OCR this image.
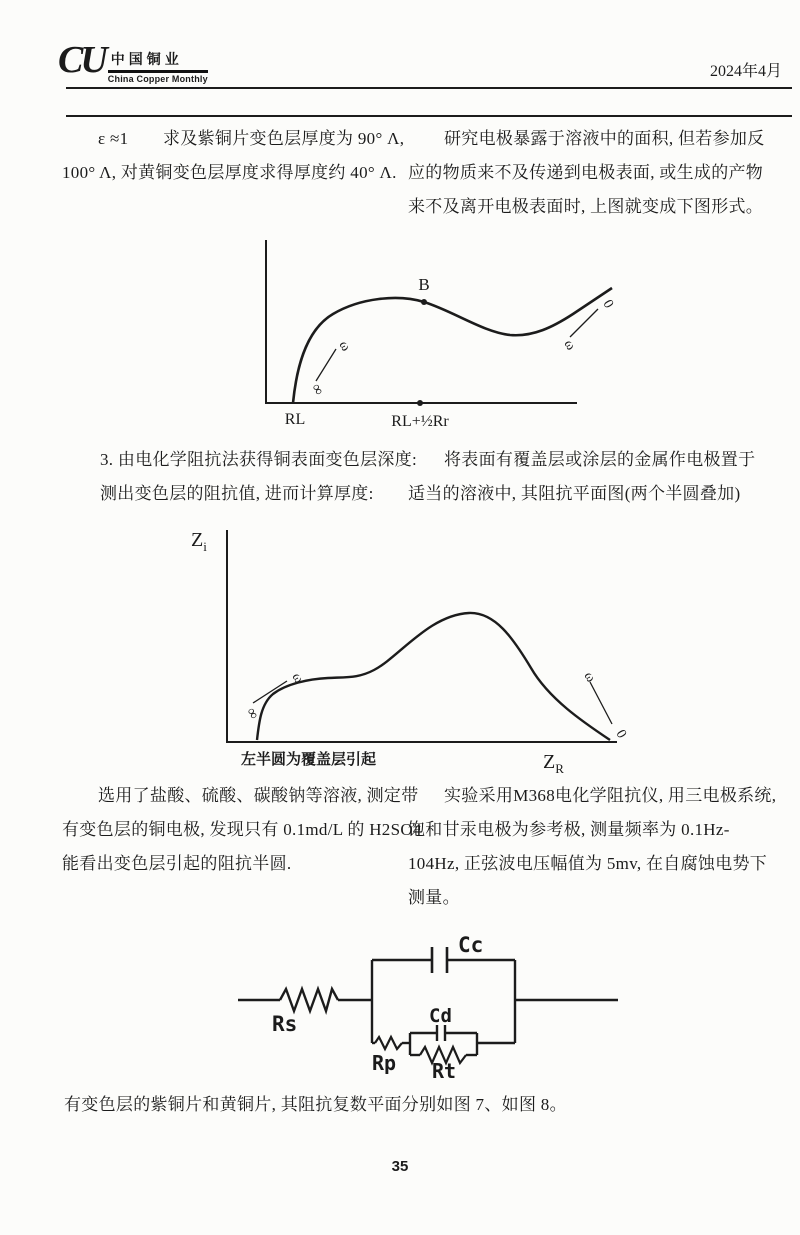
CU 中国铜业
China Copper Monthly	2024年4月
ε ≈1　　求及紫铜片变色层厚度为 90° Λ,
100° Λ, 对黄铜变色层厚度求得厚度约 40° Λ.
研究电极暴露于溶液中的面积, 但若参加反
应的物质来不及传递到电极表面, 或生成的产物
来不及离开电极表面时, 上图就变成下图形式。
B
RL	RL+½Rr
∞
ω	ω
0
3. 由电化学阻抗法获得铜表面变色层深度:
测出变色层的阻抗值, 进而计算厚度:
将表面有覆盖层或涂层的金属作电极置于
适当的溶液中, 其阻抗平面图(两个半圆叠加)
$Z_i$
$Z_R$
∞
ω	ω
0
左半圆为覆盖层引起
选用了盐酸、硫酸、碳酸钠等溶液, 测定带
有变色层的铜电极, 发现只有 0.1md/L 的 H2SO4
能看出变色层引起的阻抗半圆.
实验采用M368电化学阻抗仪, 用三电极系统,
饱和甘汞电极为参考极, 测量频率为 0.1Hz-
104Hz, 正弦波电压幅值为 5mv, 在自腐蚀电势下
测量。
Rs
Cc
Cd
Rp Rt
有变色层的紫铜片和黄铜片, 其阻抗复数平面分别如图 7、如图 8。
35
